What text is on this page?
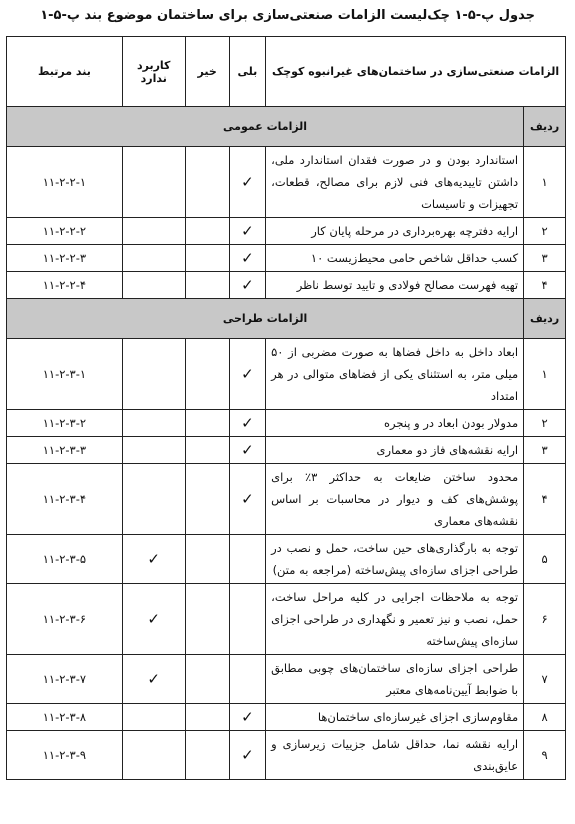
جدول پ-۵-۱ چک‌لیست الزامات صنعتی‌سازی برای ساختمان موضوع بند پ-۵-۱
الزامات صنعتی‌سازی در ساختمان‌های غیرانبوه کوچک		بلی	خیر	کاربرد ندارد	بند مرتبط
ردیف	الزامات عمومی				
۱	استاندارد بودن و در صورت فقدان استاندارد ملی، داشتن تاییدیه‌های فنی لازم برای مصالح، قطعات، تجهیزات و تاسیسات	✓			۱۱-۲-۲-۱
۲	ارایه دفترچه بهره‌برداری در مرحله پایان کار	✓			۱۱-۲-۲-۲
۳	کسب حداقل شاخص حامی محیط‌زیست ۱۰	✓			۱۱-۲-۲-۳
۴	تهیه فهرست مصالح فولادی و تایید توسط ناظر	✓			۱۱-۲-۲-۴
ردیف	الزامات طراحی				
۱	ابعاد داخل به داخل فضاها به صورت مضربی از ۵۰ میلی متر، به استثنای یکی از فضاهای متوالی در هر امتداد	✓			۱۱-۲-۳-۱
۲	مدولار بودن ابعاد در و پنجره	✓			۱۱-۲-۳-۲
۳	ارایه نقشه‌های فاز دو معماری	✓			۱۱-۲-۳-۳
۴	محدود ساختن ضایعات به حداکثر ۳٪ برای پوشش‌های کف و دیوار در محاسبات بر اساس نقشه‌های معماری	✓			۱۱-۲-۳-۴
۵	توجه به بارگذاری‌های حین ساخت، حمل و نصب در طراحی اجزای سازه‌ای پیش‌ساخته (مراجعه به متن)			✓	۱۱-۲-۳-۵
۶	توجه به ملاحظات اجرایی در کلیه مراحل ساخت، حمل، نصب و نیز تعمیر و نگهداری در طراحی اجزای سازه‌ای پیش‌ساخته			✓	۱۱-۲-۳-۶
۷	طراحی اجزای سازه‌ای ساختمان‌های چوبی مطابق با ضوابط آیین‌نامه‌های معتبر			✓	۱۱-۲-۳-۷
۸	مقاوم‌سازی اجزای غیرسازه‌ای ساختمان‌ها	✓			۱۱-۲-۳-۸
۹	ارایه نقشه نما، حداقل شامل جزییات زیرسازی و عایق‌بندی	✓			۱۱-۲-۳-۹
